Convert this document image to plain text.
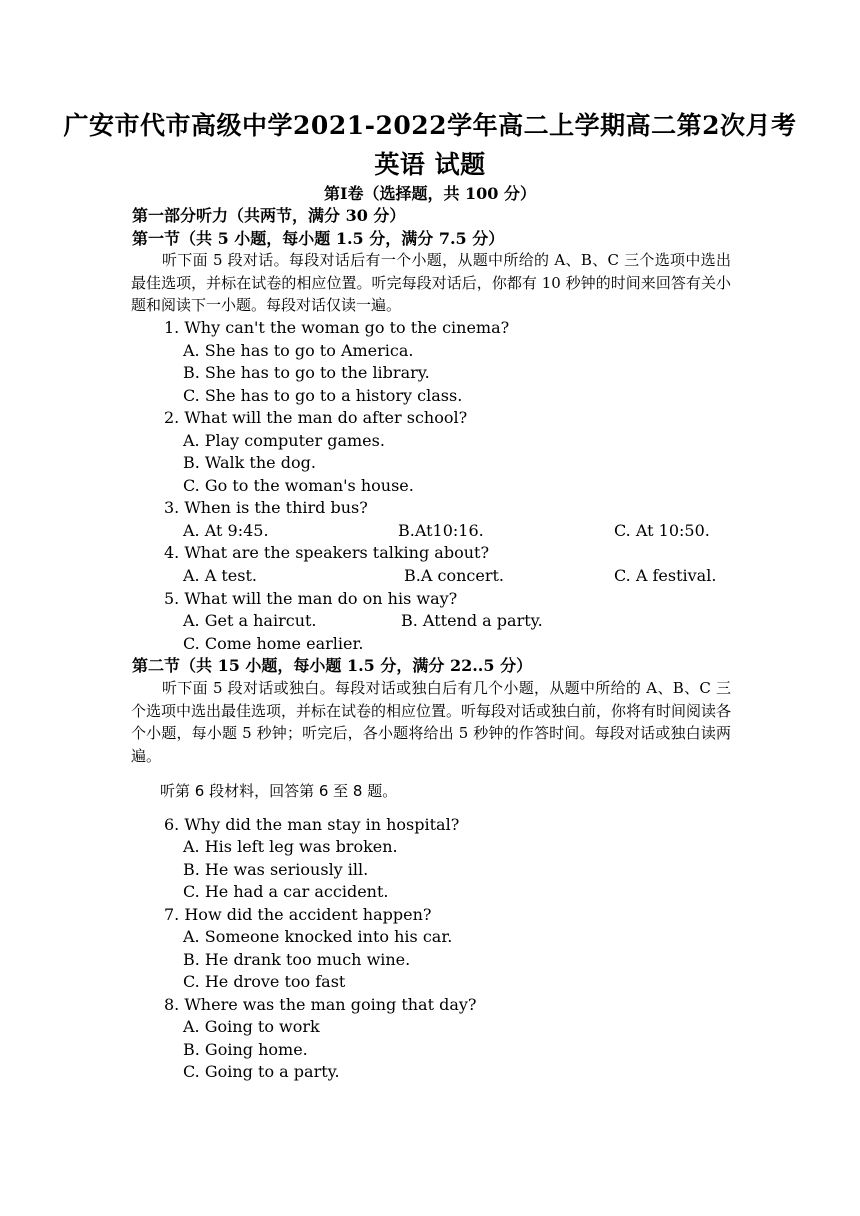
广安市代市高级中学2021-2022学年高二上学期高二第2次月考
英语 试题
第Ⅰ卷（选择题，共 100 分）
第一部分听力（共两节，满分 30 分）
第一节（共 5 小题，每小题 1.5 分，满分 7.5 分）
听下面 5 段对话。每段对话后有一个小题，从题中所给的 A、B、C 三个选项中选出最佳选项，并标在试卷的相应位置。听完每段对话后，你都有 10 秒钟的时间来回答有关小题和阅读下一小题。每段对话仅读一遍。
1. Why can't the woman go to the cinema?
A. She has to go to America.
B. She has to go to the library.
C. She has to go to a history class.
2. What will the man do after school?
A. Play computer games.
B. Walk the dog.
C. Go to the woman's house.
3. When is the third bus?
A. At 9:45.	B.At10:16.	C. At 10:50.
4. What are the speakers talking about?
A. A test.	B.A concert.	C. A festival.
5. What will the man do on his way?
A. Get a haircut.	B. Attend a party.
C. Come home earlier.
第二节（共 15 小题，每小题 1.5 分，满分 22..5 分）
听下面 5 段对话或独白。每段对话或独白后有几个小题，从题中所给的 A、B、C 三个选项中选出最佳选项，并标在试卷的相应位置。听每段对话或独白前，你将有时间阅读各个小题，每小题 5 秒钟；听完后，各小题将给出 5 秒钟的作答时间。每段对话或独白读两遍。
听第 6 段材料，回答第 6 至 8 题。
6. Why did the man stay in hospital?
A. His left leg was broken.
B. He was seriously ill.
C. He had a car accident.
7. How did the accident happen?
A. Someone knocked into his car.
B. He drank too much wine.
C. He drove too fast
8. Where was the man going that day?
A. Going to work
B. Going home.
C. Going to a party.
